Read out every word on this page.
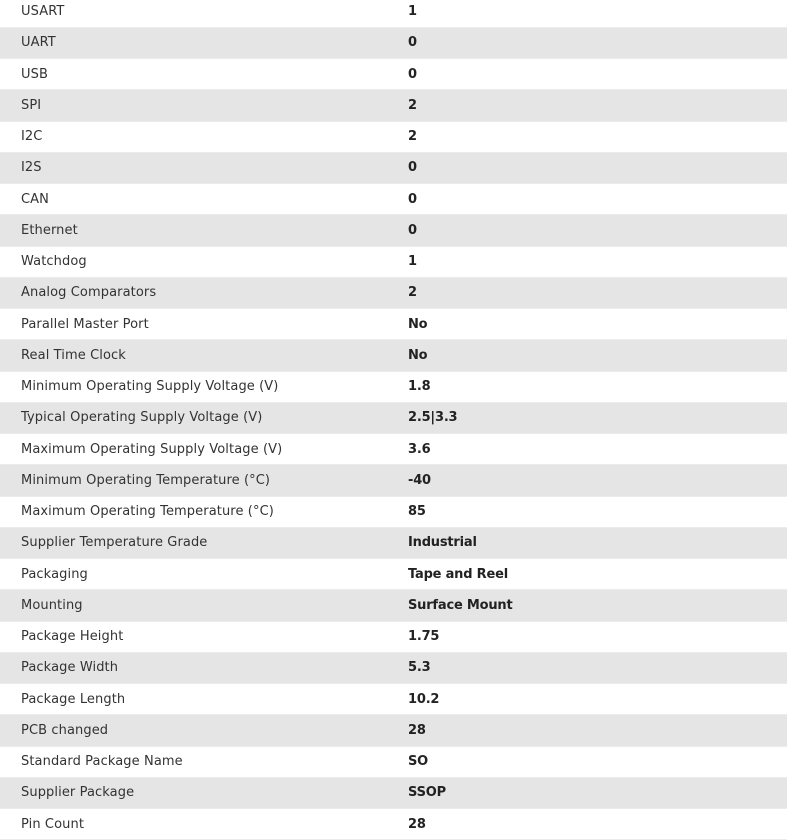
USART	1
UART	0
USB	0
SPI	2
I2C	2
I2S	0
CAN	0
Ethernet	0
Watchdog	1
Analog Comparators	2
Parallel Master Port	No
Real Time Clock	No
Minimum Operating Supply Voltage (V)	1.8
Typical Operating Supply Voltage (V)	2.5|3.3
Maximum Operating Supply Voltage (V)	3.6
Minimum Operating Temperature (°C)	-40
Maximum Operating Temperature (°C)	85
Supplier Temperature Grade	Industrial
Packaging	Tape and Reel
Mounting	Surface Mount
Package Height	1.75
Package Width	5.3
Package Length	10.2
PCB changed	28
Standard Package Name	SO
Supplier Package	SSOP
Pin Count	28
